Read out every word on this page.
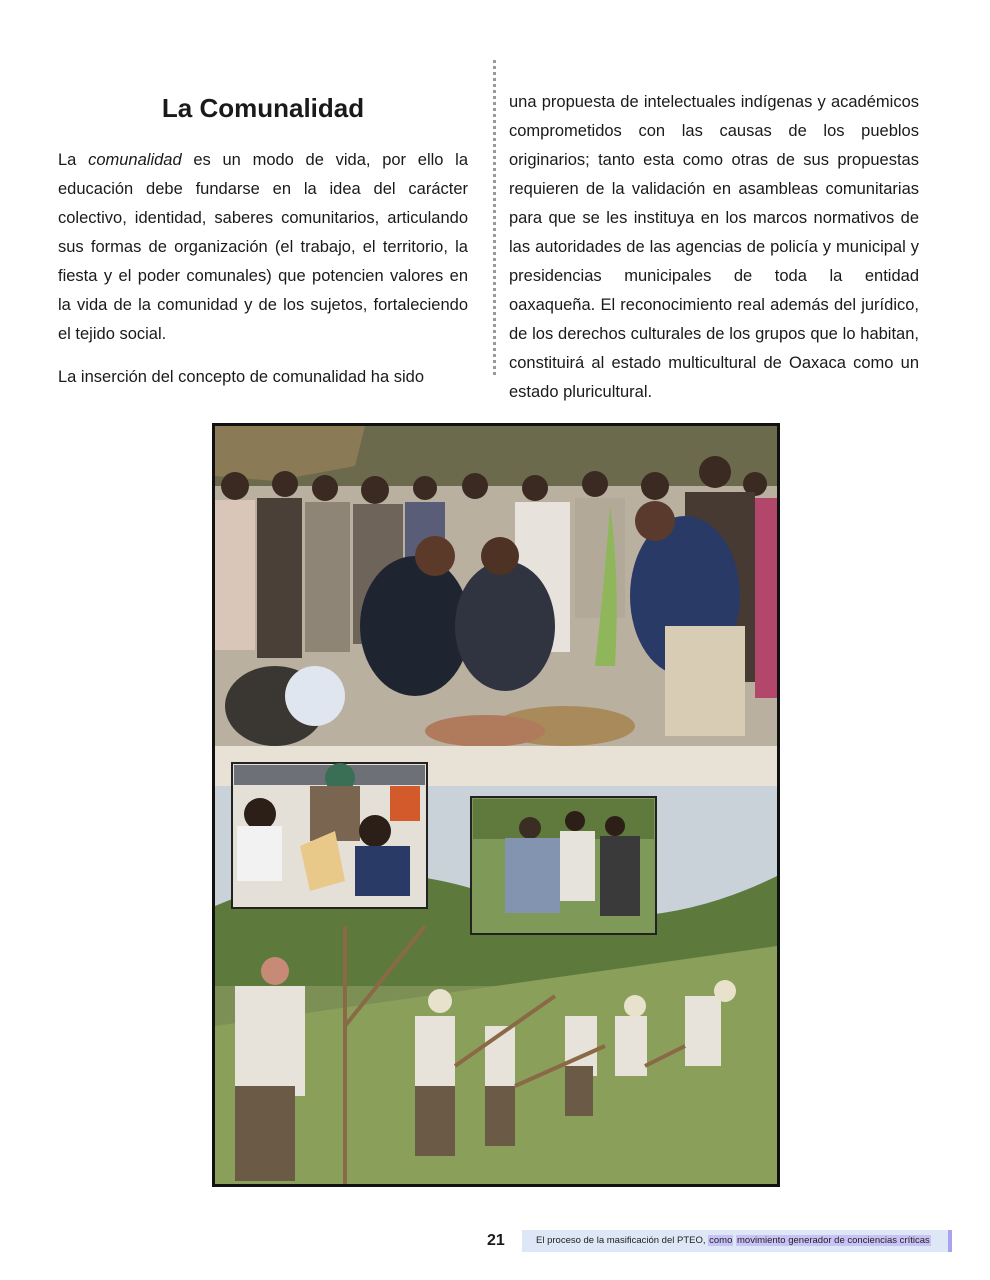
La Comunalidad

La comunalidad es un modo de vida, por ello la educación debe fundarse en la idea del carácter colectivo, identidad, saberes comunitarios, articulando sus formas de organización (el trabajo, el territorio, la fiesta y el poder comunales) que potencien valores en la vida de la comunidad y de los sujetos, fortaleciendo el tejido social.

La inserción del concepto de comunalidad ha sido

una propuesta de intelectuales indígenas y académicos comprometidos con las causas de los pueblos originarios; tanto esta como otras de sus propuestas requieren de la validación en asambleas comunitarias para que se les instituya en los marcos normativos de las autoridades de las agencias de policía y municipal y presidencias municipales de toda la entidad oaxaqueña. El reconocimiento real además del jurídico, de los derechos culturales de los grupos que lo habitan, constituirá al estado multicultural de Oaxaca como un estado pluricultural.

21	El proceso de la masificación del PTEO, como movimiento generador de conciencias críticas
